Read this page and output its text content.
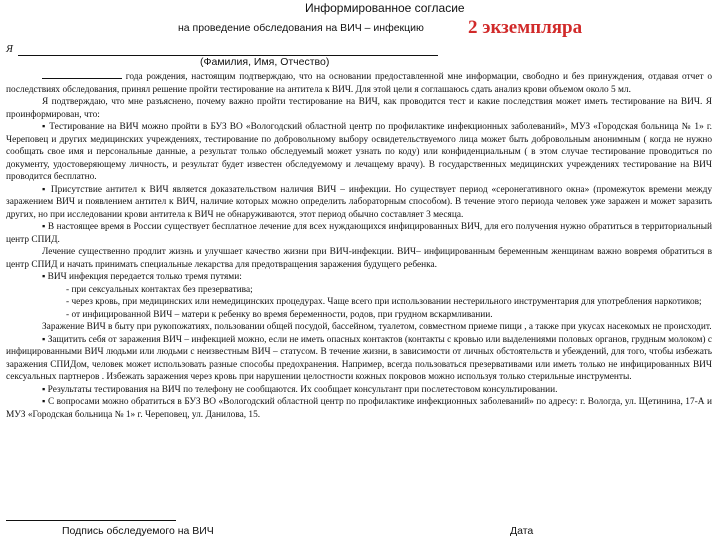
Информированное согласие
на проведение обследования на ВИЧ – инфекцию 2 экземпляра
Я
(Фамилия, Имя, Отчество)

года рождения, настоящим подтверждаю, что на основании предоставленной мне информации, свободно и без принуждения, отдавая отчет о последствиях обследования, принял решение пройти тестирование на антитела к ВИЧ. Для этой цели я соглашаюсь сдать анализ крови объемом около 5 мл.

Я подтверждаю, что мне разъяснено, почему важно пройти тестирование на ВИЧ, как проводится тест и какие последствия может иметь тестирование на ВИЧ. Я проинформирован, что:

▪ Тестирование на ВИЧ можно пройти в БУЗ ВО «Вологодский областной центр по профилактике инфекционных заболеваний», МУЗ «Городская больница № 1» г. Череповец и других медицинских учреждениях, тестирование по добровольному выбору освидетельствуемого лица может быть добровольным анонимным ( когда не нужно сообщать свое имя и персональные данные, а результат только обследуемый может узнать по коду) или конфиденциальным ( в этом случае тестирование проводиться по документу, удостоверяющему личность, и результат будет известен обследуемому и лечащему врачу). В государственных медицинских учреждениях тестирование на ВИЧ проводится бесплатно.

▪ Присутствие антител к ВИЧ является доказательством наличия ВИЧ – инфекции. Но существует период «серонегативного окна» (промежуток времени между заражением ВИЧ и появлением антител к ВИЧ, наличие которых можно определить лабораторным способом). В течение этого периода человек уже заражен и может заразить других, но при исследовании крови антитела к ВИЧ не обнаруживаются, этот период обычно составляет 3 месяца.

▪ В настоящее время в России существует бесплатное лечение для всех нуждающихся инфицированных ВИЧ, для его получения нужно обратиться в территориальный центр СПИД.

Лечение существенно продлит жизнь и улучшает качество жизни при ВИЧ-инфекции. ВИЧ– инфицированным беременным женщинам важно вовремя обратиться в центр СПИД и начать принимать специальные лекарства для предотвращения заражения будущего ребенка.

▪ ВИЧ инфекция передается только тремя путями:

- при сексуальных контактах без презерватива;

- через кровь, при медицинских или немедицинских процедурах. Чаще всего при использовании нестерильного инструментария для употребления наркотиков;

- от инфицированной ВИЧ – матери к ребенку во время беременности, родов, при грудном вскармливании.

Заражение ВИЧ в быту при рукопожатиях, пользовании общей посудой, бассейном, туалетом, совместном приеме пищи , а также при укусах насекомых не происходит.

▪ Защитить себя от заражения ВИЧ – инфекцией можно, если не иметь опасных контактов (контакты с кровью или выделениями половых органов, грудным молоком) с инфицированными ВИЧ людьми или людьми с неизвестным ВИЧ – статусом. В течение жизни, в зависимости от личных обстоятельств и убеждений, для того, чтобы избежать заражения СПИДом, человек может использовать разные способы предохранения. Например, всегда пользоваться презервативами или иметь только не инфицированных ВИЧ сексуальных партнеров . Избежать заражения через кровь при нарушении целостности кожных покровов можно используя только стерильные инструменты.

▪ Результаты тестирования на ВИЧ по телефону не сообщаются. Их сообщает консультант при послетестовом консультировании.

▪ С вопросами можно обратиться в БУЗ ВО «Вологодский областной центр по профилактике инфекционных заболеваний» по адресу: г. Вологда, ул. Щетинина, 17-А и МУЗ «Городская больница № 1» г. Череповец, ул. Данилова, 15.

Подпись обследуемого на ВИЧ	Дата
